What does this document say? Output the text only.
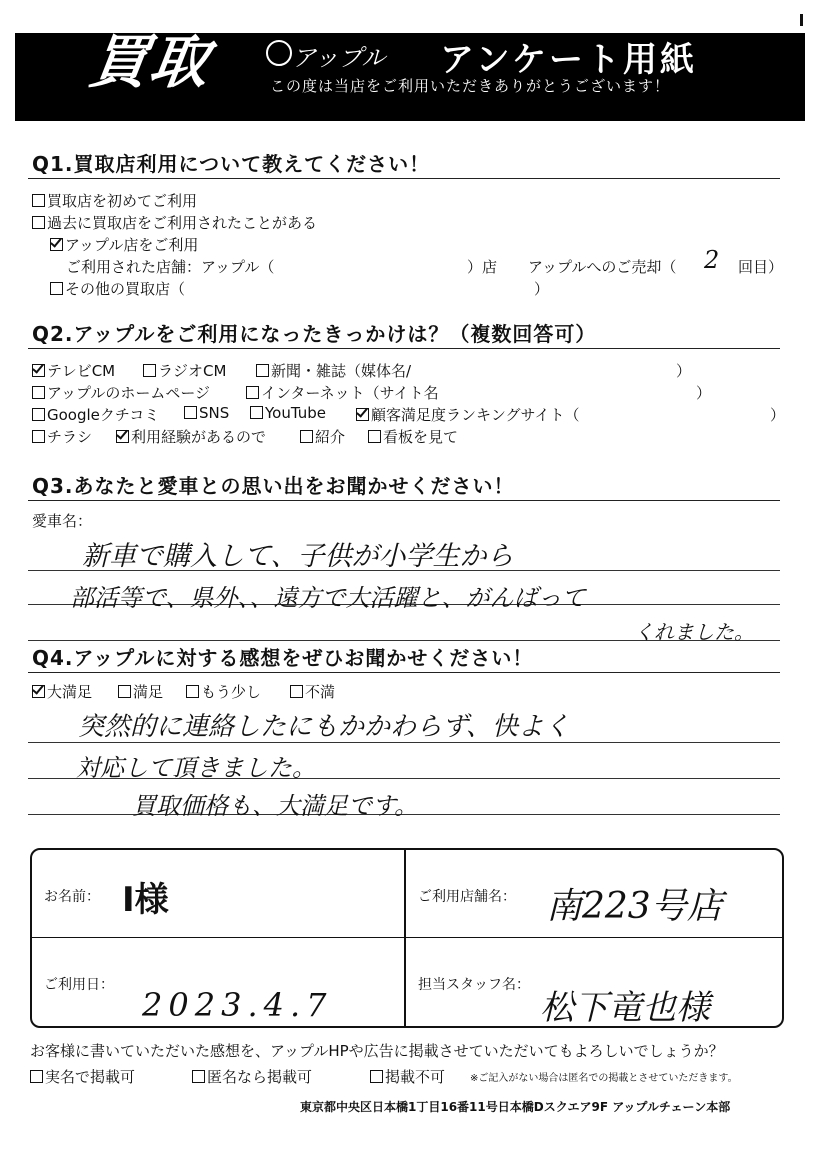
買取	アップル アンケート用紙
この度は当店をご利用いただきありがとうございます！
Q1.買取店利用について教えてください！
買取店を初めてご利用
過去に買取店をご利用されたことがある
アップル店をご利用
ご利用された店舗：アップル（	）店 アップルへのご売却（ 2 回目）
その他の買取店（	）
Q2.アップルをご利用になったきっかけは？（複数回答可）
テレビCM	ラジオCM	新聞・雑誌（媒体名/	）
アップルのホームページ	インターネット（サイト名	）
Googleクチコミ	SNS	YouTube	顧客満足度ランキングサイト（	）
チラシ	利用経験があるので	紹介	看板を見て
Q3.あなたと愛車との思い出をお聞かせください！
愛車名：
新車で購入して、子供が小学生から
部活等で、県外、、遠方で大活躍と、がんばって
くれました。
Q4.アップルに対する感想をぜひお聞かせください！
大満足	満足	もう少し	不満
突然的に連絡したにもかかわらず、快よく
対応して頂きました。
買取価格も、大満足です。
お名前： I様	ご利用店舗名： 南223号店
ご利用日：
2023.4.7
担当スタッフ名：
松下竜也様
お客様に書いていただいた感想を、アップルHPや広告に掲載させていただいてもよろしいでしょうか？
実名で掲載可	匿名なら掲載可	掲載不可 ※ご記入がない場合は匿名での掲載とさせていただきます。
東京都中央区日本橋1丁目16番11号日本橋Dスクエア9F アップルチェーン本部
